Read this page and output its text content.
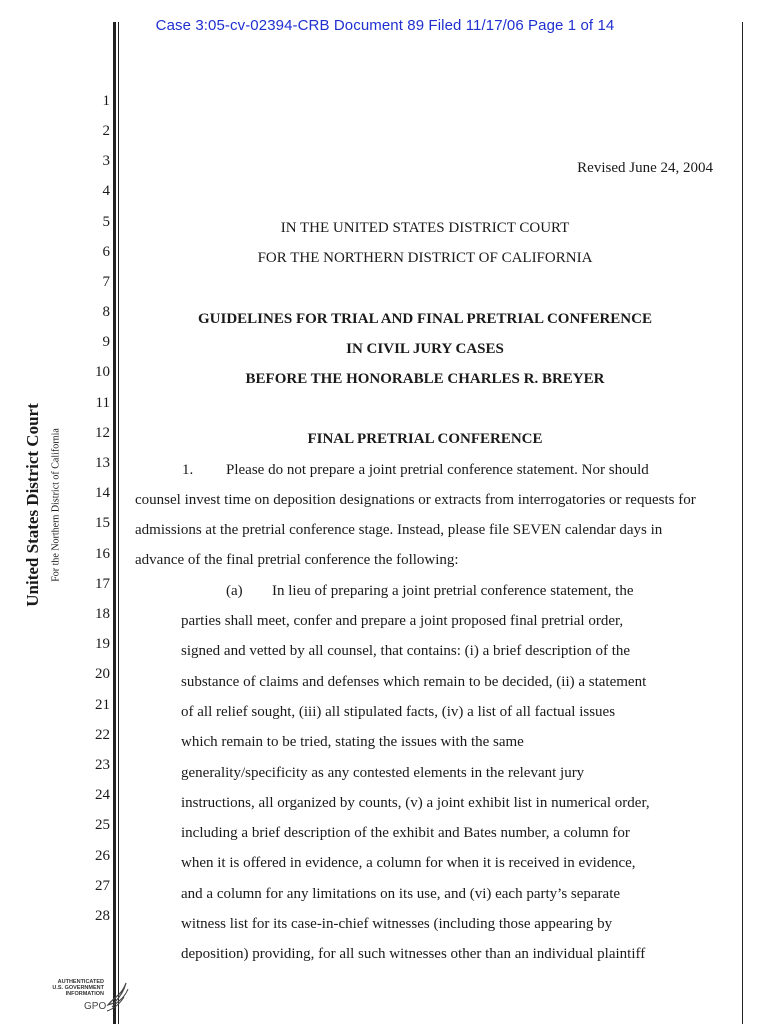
Case 3:05-cv-02394-CRB Document 89 Filed 11/17/06 Page 1 of 14
United States District Court For the Northern District of California
1
2
3
4
5
6
7
8
9
10
11
12
13
14
15
16
17
18
19
20
21
22
23
24
25
26
27
28
Revised June 24, 2004
IN THE UNITED STATES DISTRICT COURT
FOR THE NORTHERN DISTRICT OF CALIFORNIA
GUIDELINES FOR TRIAL AND FINAL PRETRIAL CONFERENCE
IN CIVIL JURY CASES
BEFORE THE HONORABLE CHARLES R. BREYER
FINAL PRETRIAL CONFERENCE
1. Please do not prepare a joint pretrial conference statement. Nor should
counsel invest time on deposition designations or extracts from interrogatories or requests for
admissions at the pretrial conference stage. Instead, please file SEVEN calendar days in
advance of the final pretrial conference the following:
(a) In lieu of preparing a joint pretrial conference statement, the
parties shall meet, confer and prepare a joint proposed final pretrial order,
signed and vetted by all counsel, that contains: (i) a brief description of the
substance of claims and defenses which remain to be decided, (ii) a statement
of all relief sought, (iii) all stipulated facts, (iv) a list of all factual issues
which remain to be tried, stating the issues with the same
generality/specificity as any contested elements in the relevant jury
instructions, all organized by counts, (v) a joint exhibit list in numerical order,
including a brief description of the exhibit and Bates number, a column for
when it is offered in evidence, a column for when it is received in evidence,
and a column for any limitations on its use, and (vi) each party’s separate
witness list for its case-in-chief witnesses (including those appearing by
deposition) providing, for all such witnesses other than an individual plaintiff
AUTHENTICATED
U.S. GOVERNMENT
INFORMATION
GPO
